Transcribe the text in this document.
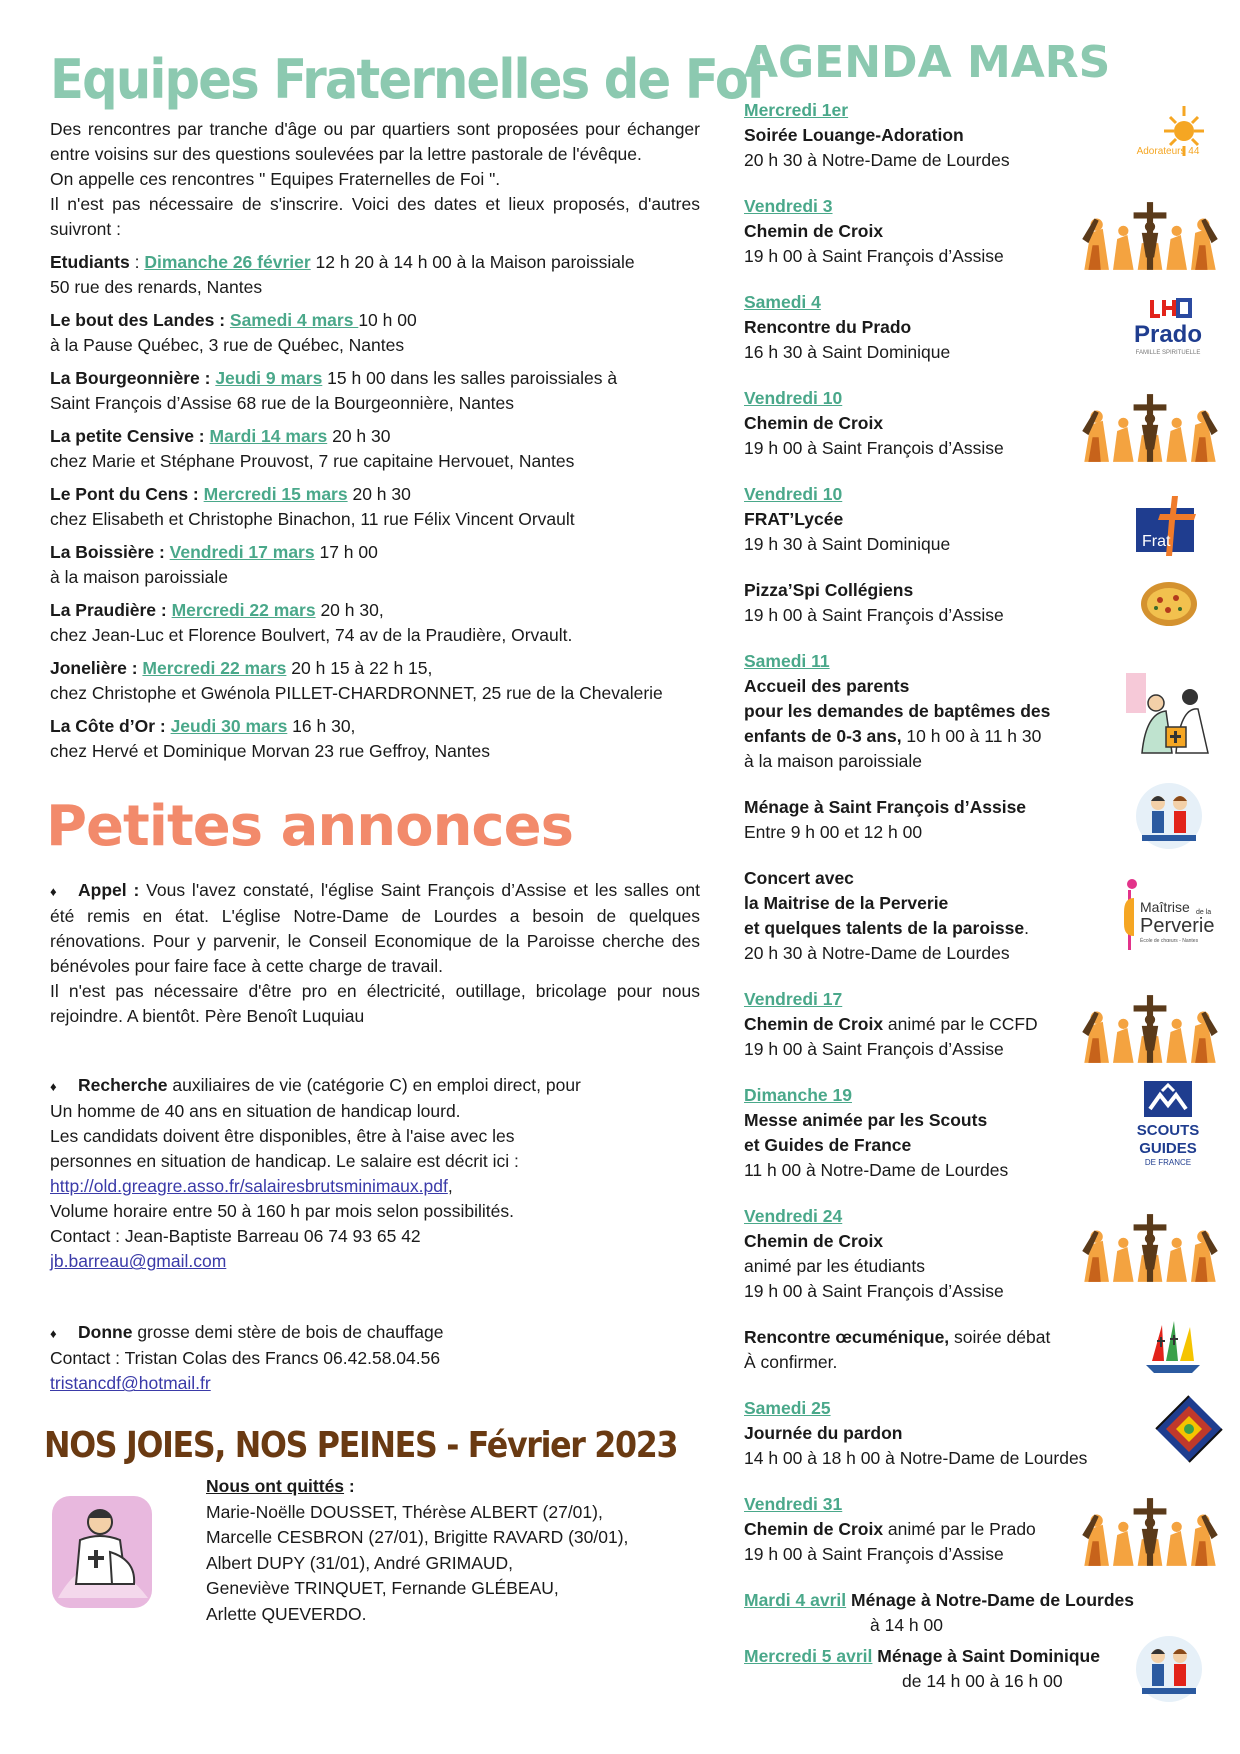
Equipes Fraternelles de Foi
Des rencontres par tranche d'âge ou par quartiers sont proposées pour échanger entre voisins sur des questions soulevées par la lettre pastorale de l'évêque.
On appelle ces rencontres " Equipes Fraternelles de Foi ".
Il n'est pas nécessaire de s'inscrire. Voici des dates et lieux proposés, d'autres suivront :
Etudiants : Dimanche 26 février 12 h 20 à 14 h 00 à la Maison paroissiale
50 rue des renards, Nantes
Le bout des Landes : Samedi 4 mars 10 h 00
à la Pause Québec, 3 rue de Québec, Nantes
La Bourgeonnière : Jeudi 9 mars 15 h 00 dans les salles paroissiales à
Saint François d’Assise 68 rue de la Bourgeonnière, Nantes
La petite Censive : Mardi 14 mars 20 h 30
chez Marie et Stéphane Prouvost, 7 rue capitaine Hervouet, Nantes
Le Pont du Cens : Mercredi 15 mars 20 h 30
chez Elisabeth et Christophe Binachon, 11 rue Félix Vincent Orvault
La Boissière : Vendredi 17 mars 17 h 00
à la maison paroissiale
La Praudière : Mercredi 22 mars 20 h 30,
chez Jean-Luc et Florence Boulvert, 74 av de la Praudière, Orvault.
Jonelière : Mercredi 22 mars 20 h 15 à 22 h 15,
chez Christophe et Gwénola PILLET-CHARDRONNET, 25 rue de la Chevalerie
La Côte d’Or : Jeudi 30 mars 16 h 30,
chez Hervé et Dominique Morvan 23 rue Geffroy, Nantes
Petites annonces
♦ Appel : Vous l'avez constaté, l'église Saint François d’Assise et les salles ont été remis en état. L'église Notre-Dame de Lourdes a besoin de quelques rénovations. Pour y parvenir, le Conseil Economique de la Paroisse cherche des bénévoles pour faire face à cette charge de travail.
Il n'est pas nécessaire d'être pro en électricité, outillage, bricolage pour nous rejoindre. A bientôt. Père Benoît Luquiau
♦ Recherche auxiliaires de vie (catégorie C) en emploi direct, pour
Un homme de 40 ans en situation de handicap lourd.
Les candidats doivent être disponibles, être à l'aise avec les
personnes en situation de handicap. Le salaire est décrit ici :
http://old.greagre.asso.fr/salairesbrutsminimaux.pdf,
Volume horaire entre 50 à 160 h par mois selon possibilités.
Contact : Jean-Baptiste Barreau 06 74 93 65 42
jb.barreau@gmail.com
♦ Donne grosse demi stère de bois de chauffage
Contact : Tristan Colas des Francs 06.42.58.04.56
tristancdf@hotmail.fr
NOS JOIES, NOS PEINES - Février 2023
Nous ont quittés :
Marie-Noëlle DOUSSET, Thérèse ALBERT (27/01),
Marcelle CESBRON (27/01), Brigitte RAVARD (30/01),
Albert DUPY (31/01), André GRIMAUD,
Geneviève TRINQUET, Fernande GLÉBEAU,
Arlette QUEVERDO.
AGENDA MARS
Mercredi 1er
Soirée Louange-Adoration
20 h 30 à Notre-Dame de Lourdes	Adorateurs 44
Vendredi 3
Chemin de Croix
19 h 00 à Saint François d’Assise
Samedi 4
Rencontre du Prado
16 h 30 à Saint Dominique
Prado
FAMILLE SPIRITUELLE
Vendredi 10
Chemin de Croix
19 h 00 à Saint François d’Assise
Vendredi 10
FRAT’Lycée
19 h 30 à Saint Dominique	Frat
Pizza’Spi Collégiens
19 h 00 à Saint François d’Assise
Samedi 11
Accueil des parents
pour les demandes de baptêmes des
enfants de 0-3 ans, 10 h 00 à 11 h 30
à la maison paroissiale
Ménage à Saint François d’Assise
Entre 9 h 00 et 12 h 00
Concert avec
la Maitrise de la Perverie
et quelques talents de la paroisse.
20 h 30 à Notre-Dame de Lourdes
Maîtrise de la
Perverie
École de chœurs - Nantes
Vendredi 17
Chemin de Croix animé par le CCFD
19 h 00 à Saint François d’Assise
Dimanche 19
Messe animée par les Scouts
et Guides de France
11 h 00 à Notre-Dame de Lourdes
SCOUTS
GUIDES
DE FRANCE
Vendredi 24
Chemin de Croix
animé par les étudiants
19 h 00 à Saint François d’Assise
Rencontre œcuménique, soirée débat
À confirmer.
Samedi 25
Journée du pardon
14 h 00 à 18 h 00 à Notre-Dame de Lourdes
Vendredi 31
Chemin de Croix animé par le Prado
19 h 00 à Saint François d’Assise
Mardi 4 avril Ménage à Notre-Dame de Lourdes
à 14 h 00
Mercredi 5 avril Ménage à Saint Dominique
de 14 h 00 à 16 h 00
